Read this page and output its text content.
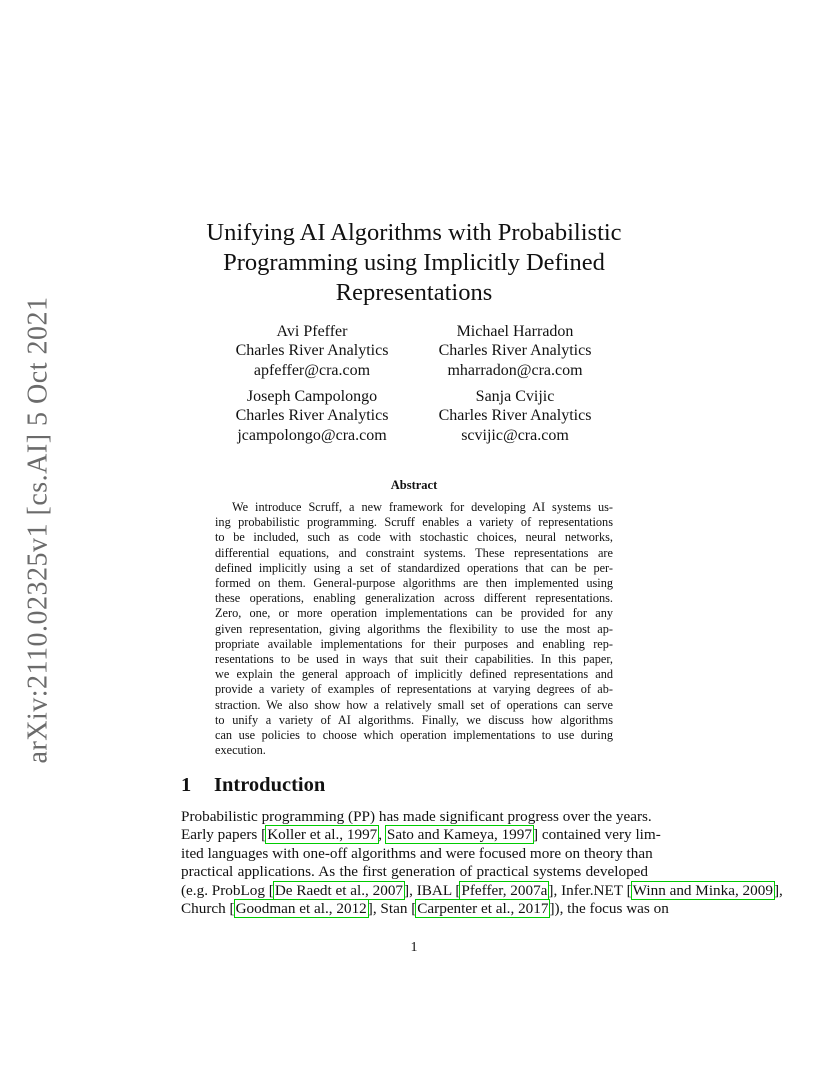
arXiv:2110.02325v1 [cs.AI] 5 Oct 2021
Unifying AI Algorithms with Probabilistic
Programming using Implicitly Defined
Representations
Avi Pfeffer
Charles River Analytics
apfeffer@cra.com
Michael Harradon
Charles River Analytics
mharradon@cra.com
Joseph Campolongo
Charles River Analytics
jcampolongo@cra.com
Sanja Cvijic
Charles River Analytics
scvijic@cra.com
Abstract
We introduce Scruff, a new framework for developing AI systems us-
ing probabilistic programming. Scruff enables a variety of representations
to be included, such as code with stochastic choices, neural networks,
differential equations, and constraint systems. These representations are
defined implicitly using a set of standardized operations that can be per-
formed on them. General-purpose algorithms are then implemented using
these operations, enabling generalization across different representations.
Zero, one, or more operation implementations can be provided for any
given representation, giving algorithms the flexibility to use the most ap-
propriate available implementations for their purposes and enabling rep-
resentations to be used in ways that suit their capabilities. In this paper,
we explain the general approach of implicitly defined representations and
provide a variety of examples of representations at varying degrees of ab-
straction. We also show how a relatively small set of operations can serve
to unify a variety of AI algorithms. Finally, we discuss how algorithms
can use policies to choose which operation implementations to use during
execution.
1 Introduction
Probabilistic programming (PP) has made significant progress over the years.
Early papers [Koller et al., 1997, Sato and Kameya, 1997] contained very lim-
ited languages with one-off algorithms and were focused more on theory than
practical applications. As the first generation of practical systems developed
(e.g. ProbLog [De Raedt et al., 2007], IBAL [Pfeffer, 2007a], Infer.NET [Winn and Minka, 2009],
Church [Goodman et al., 2012], Stan [Carpenter et al., 2017]), the focus was on
1
